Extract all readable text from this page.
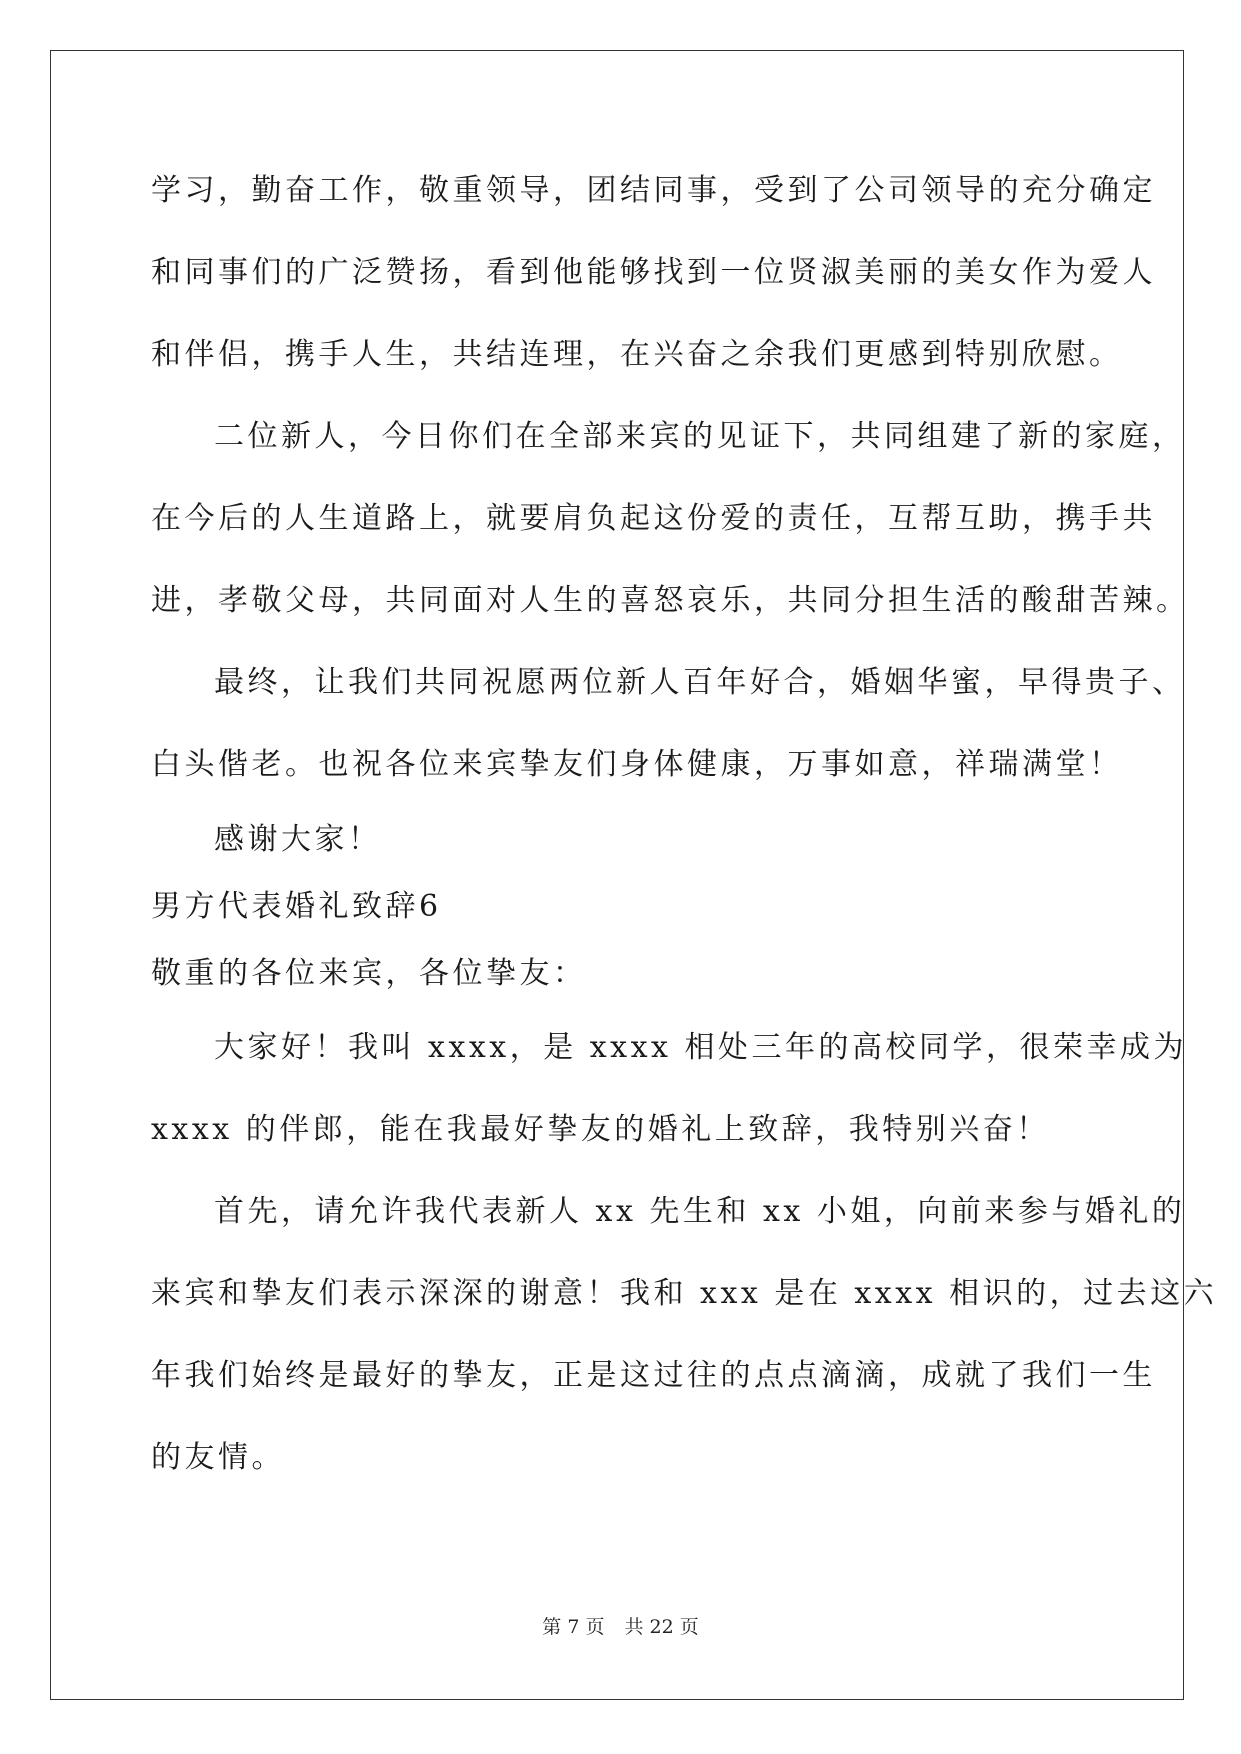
学习，勤奋工作，敬重领导，团结同事，受到了公司领导的充分确定
和同事们的广泛赞扬，看到他能够找到一位贤淑美丽的美女作为爱人
和伴侣，携手人生，共结连理，在兴奋之余我们更感到特别欣慰。
二位新人，今日你们在全部来宾的见证下，共同组建了新的家庭，
在今后的人生道路上，就要肩负起这份爱的责任，互帮互助，携手共
进，孝敬父母，共同面对人生的喜怒哀乐，共同分担生活的酸甜苦辣。
最终，让我们共同祝愿两位新人百年好合，婚姻华蜜，早得贵子、
白头偕老。也祝各位来宾挚友们身体健康，万事如意，祥瑞满堂！
感谢大家！
男方代表婚礼致辞6
敬重的各位来宾，各位挚友：
大家好！我叫 xxxx，是 xxxx 相处三年的高校同学，很荣幸成为
xxxx 的伴郎，能在我最好挚友的婚礼上致辞，我特别兴奋！
首先，请允许我代表新人 xx 先生和 xx 小姐，向前来参与婚礼的
来宾和挚友们表示深深的谢意！我和 xxx 是在 xxxx 相识的，过去这六
年我们始终是最好的挚友，正是这过往的点点滴滴，成就了我们一生
的友情。
第 7 页 共 22 页
